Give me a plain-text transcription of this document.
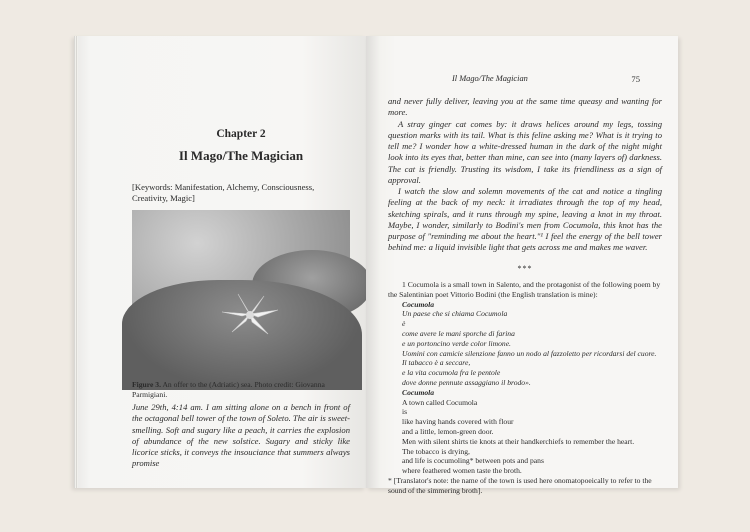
Chapter 2
Il Mago/The Magician
[Keywords: Manifestation, Alchemy, Consciousness, Creativity, Magic]
Figure 3. An offer to the (Adriatic) sea. Photo credit: Giovanna Parmigiani.
June 29th, 4:14 am. I am sitting alone on a bench in front of the octagonal bell tower of the town of Soleto. The air is sweet-smelling. Soft and sugary like a peach, it carries the explosion of abundance of the new solstice. Sugary and sticky like licorice sticks, it conveys the insouciance that summers always promise
Il Mago/The Magician	75

and never fully deliver, leaving you at the same time queasy and wanting for more.

A stray ginger cat comes by: it draws helices around my legs, tossing question marks with its tail. What is this feline asking me? What is it trying to tell me? I wonder how a white-dressed human in the dark of the night might look into its eyes that, better than mine, can see into (many layers of) darkness. The cat is friendly. Trusting its wisdom, I take its friendliness as a sign of approval.

I watch the slow and solemn movements of the cat and notice a tingling feeling at the back of my neck: it irradiates through the top of my head, sketching spirals, and it runs through my spine, leaving a knot in my throat. Maybe, I wonder, similarly to Bodini's men from Cocumola, this knot has the purpose of "reminding me about the heart."¹ I feel the energy of the bell tower behind me: a liquid invisible light that gets across me and makes me waver.

***
1 Cocumola is a small town in Salento, and the protagonist of the following poem by the Salentinian poet Vittorio Bodini (the English translation is mine):
Cocumola
Un paese che si chiama Cocumola
è
come avere le mani sporche di farina
e un portoncino verde color limone.
Uomini con camicie silenzione fanno un nodo al fazzoletto per ricordarsi del cuore.
Il tabacco è a seccare,
e la vita cocumola fra le pentole
dove donne pennute assaggiano il brodo».
Cocumola
A town called Cocumola
is
like having hands covered with flour
and a little, lemon-green door.
Men with silent shirts tie knots at their handkerchiefs to remember the heart.
The tobacco is drying,
and life is cocumoling* between pots and pans
where feathered women taste the broth.
* [Translator's note: the name of the town is used here onomatopoeically to refer to the sound of the simmering broth].
